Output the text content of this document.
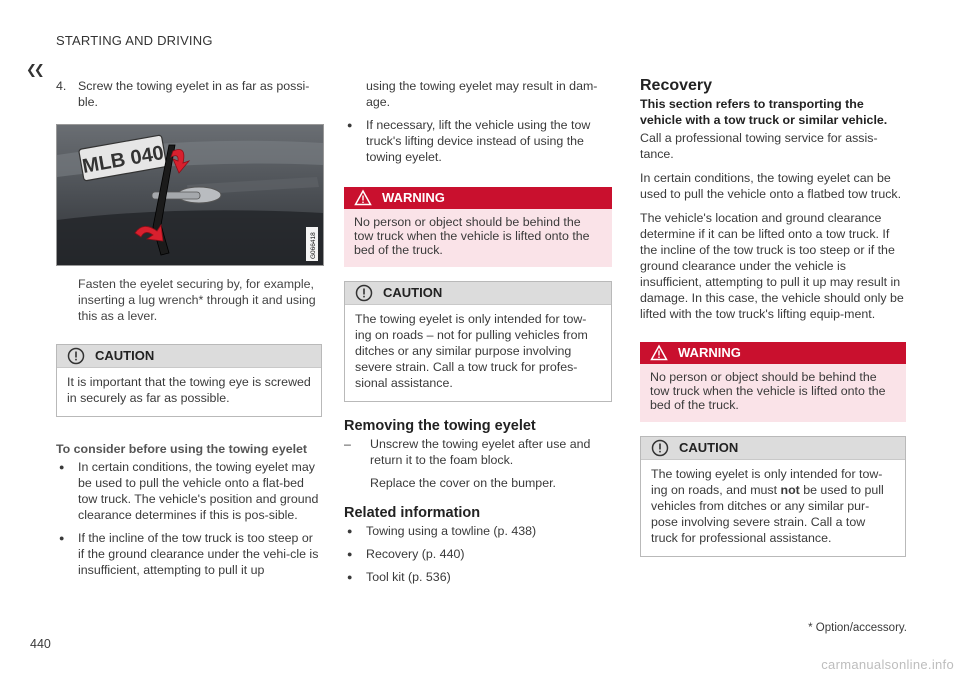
STARTING AND DRIVING
❮❮
4. Screw the towing eyelet in as far as possi-ble.

MLB 040
G066418

Fasten the eyelet securing by, for example, inserting a lug wrench* through it and using this as a lever.

CAUTION
It is important that the towing eye is screwed in securely as far as possible.

To consider before using the towing eyelet

● In certain conditions, the towing eyelet may be used to pull the vehicle onto a flat-bed tow truck. The vehicle's position and ground clearance determines if this is pos-sible.

● If the incline of the tow truck is too steep or if the ground clearance under the vehi-cle is insufficient, attempting to pull it up

using the towing eyelet may result in dam-age.

● If necessary, lift the vehicle using the tow truck's lifting device instead of using the towing eyelet.

WARNING
No person or object should be behind the tow truck when the vehicle is lifted onto the bed of the truck.
CAUTION
The towing eyelet is only intended for tow-ing on roads – not for pulling vehicles from ditches or any similar purpose involving severe strain. Call a tow truck for profes-sional assistance.

Removing the towing eyelet

– Unscrew the towing eyelet after use and return it to the foam block.

Replace the cover on the bumper.

Related information

● Towing using a towline (p. 438)

● Recovery (p. 440)

● Tool kit (p. 536)

Recovery

This section refers to transporting the vehicle with a tow truck or similar vehicle.

Call a professional towing service for assis-tance.

In certain conditions, the towing eyelet can be used to pull the vehicle onto a flatbed tow truck.

The vehicle's location and ground clearance determine if it can be lifted onto a tow truck. If the incline of the tow truck is too steep or if the ground clearance under the vehicle is insufficient, attempting to pull it up may result in damage. In this case, the vehicle should only be lifted with the tow truck's lifting equip-ment.

WARNING
No person or object should be behind the tow truck when the vehicle is lifted onto the bed of the truck.
CAUTION
The towing eyelet is only intended for tow-ing on roads, and must not be used to pull vehicles from ditches or any similar pur-pose involving severe strain. Call a tow truck for professional assistance.
* Option/accessory.
440
carmanualsonline.info
